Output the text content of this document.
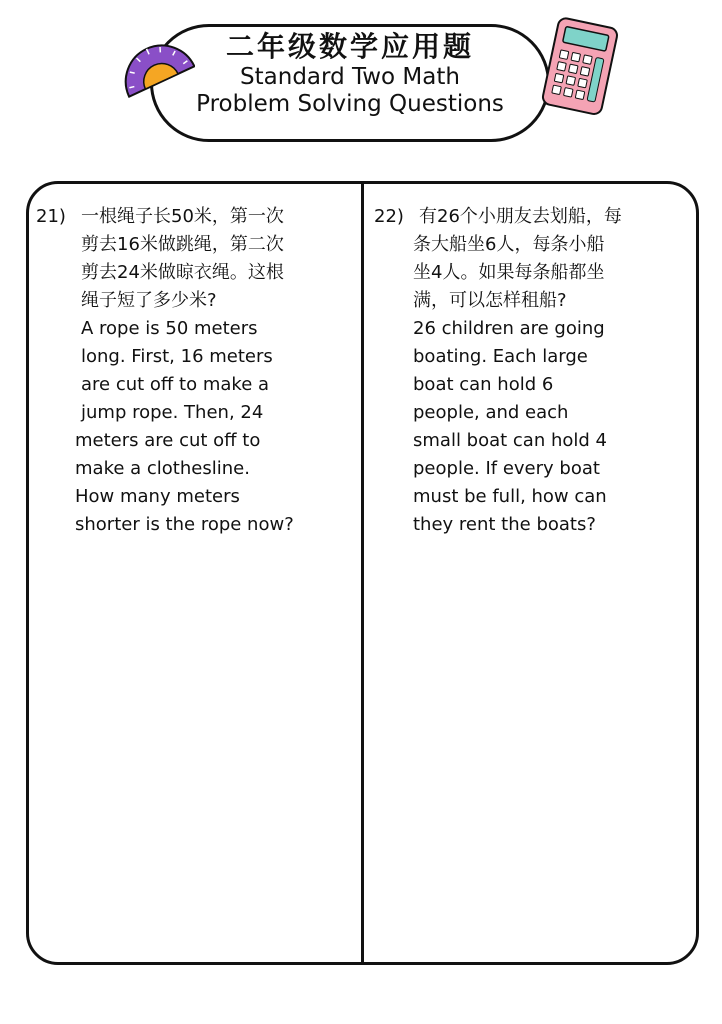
二年级数学应用题
Standard Two Math
Problem Solving Questions
21) 一根绳子长50米，第一次
剪去16米做跳绳，第二次
剪去24米做晾衣绳。这根
绳子短了多少米?
A rope is 50 meters
long. First, 16 meters
are cut off to make a
jump rope. Then, 24
meters are cut off to
make a clothesline.
How many meters
shorter is the rope now?
22) 有26个小朋友去划船，每
条大船坐6人，每条小船
坐4人。如果每条船都坐
满，可以怎样租船?
26 children are going
boating. Each large
boat can hold 6
people, and each
small boat can hold 4
people. If every boat
must be full, how can
they rent the boats?
